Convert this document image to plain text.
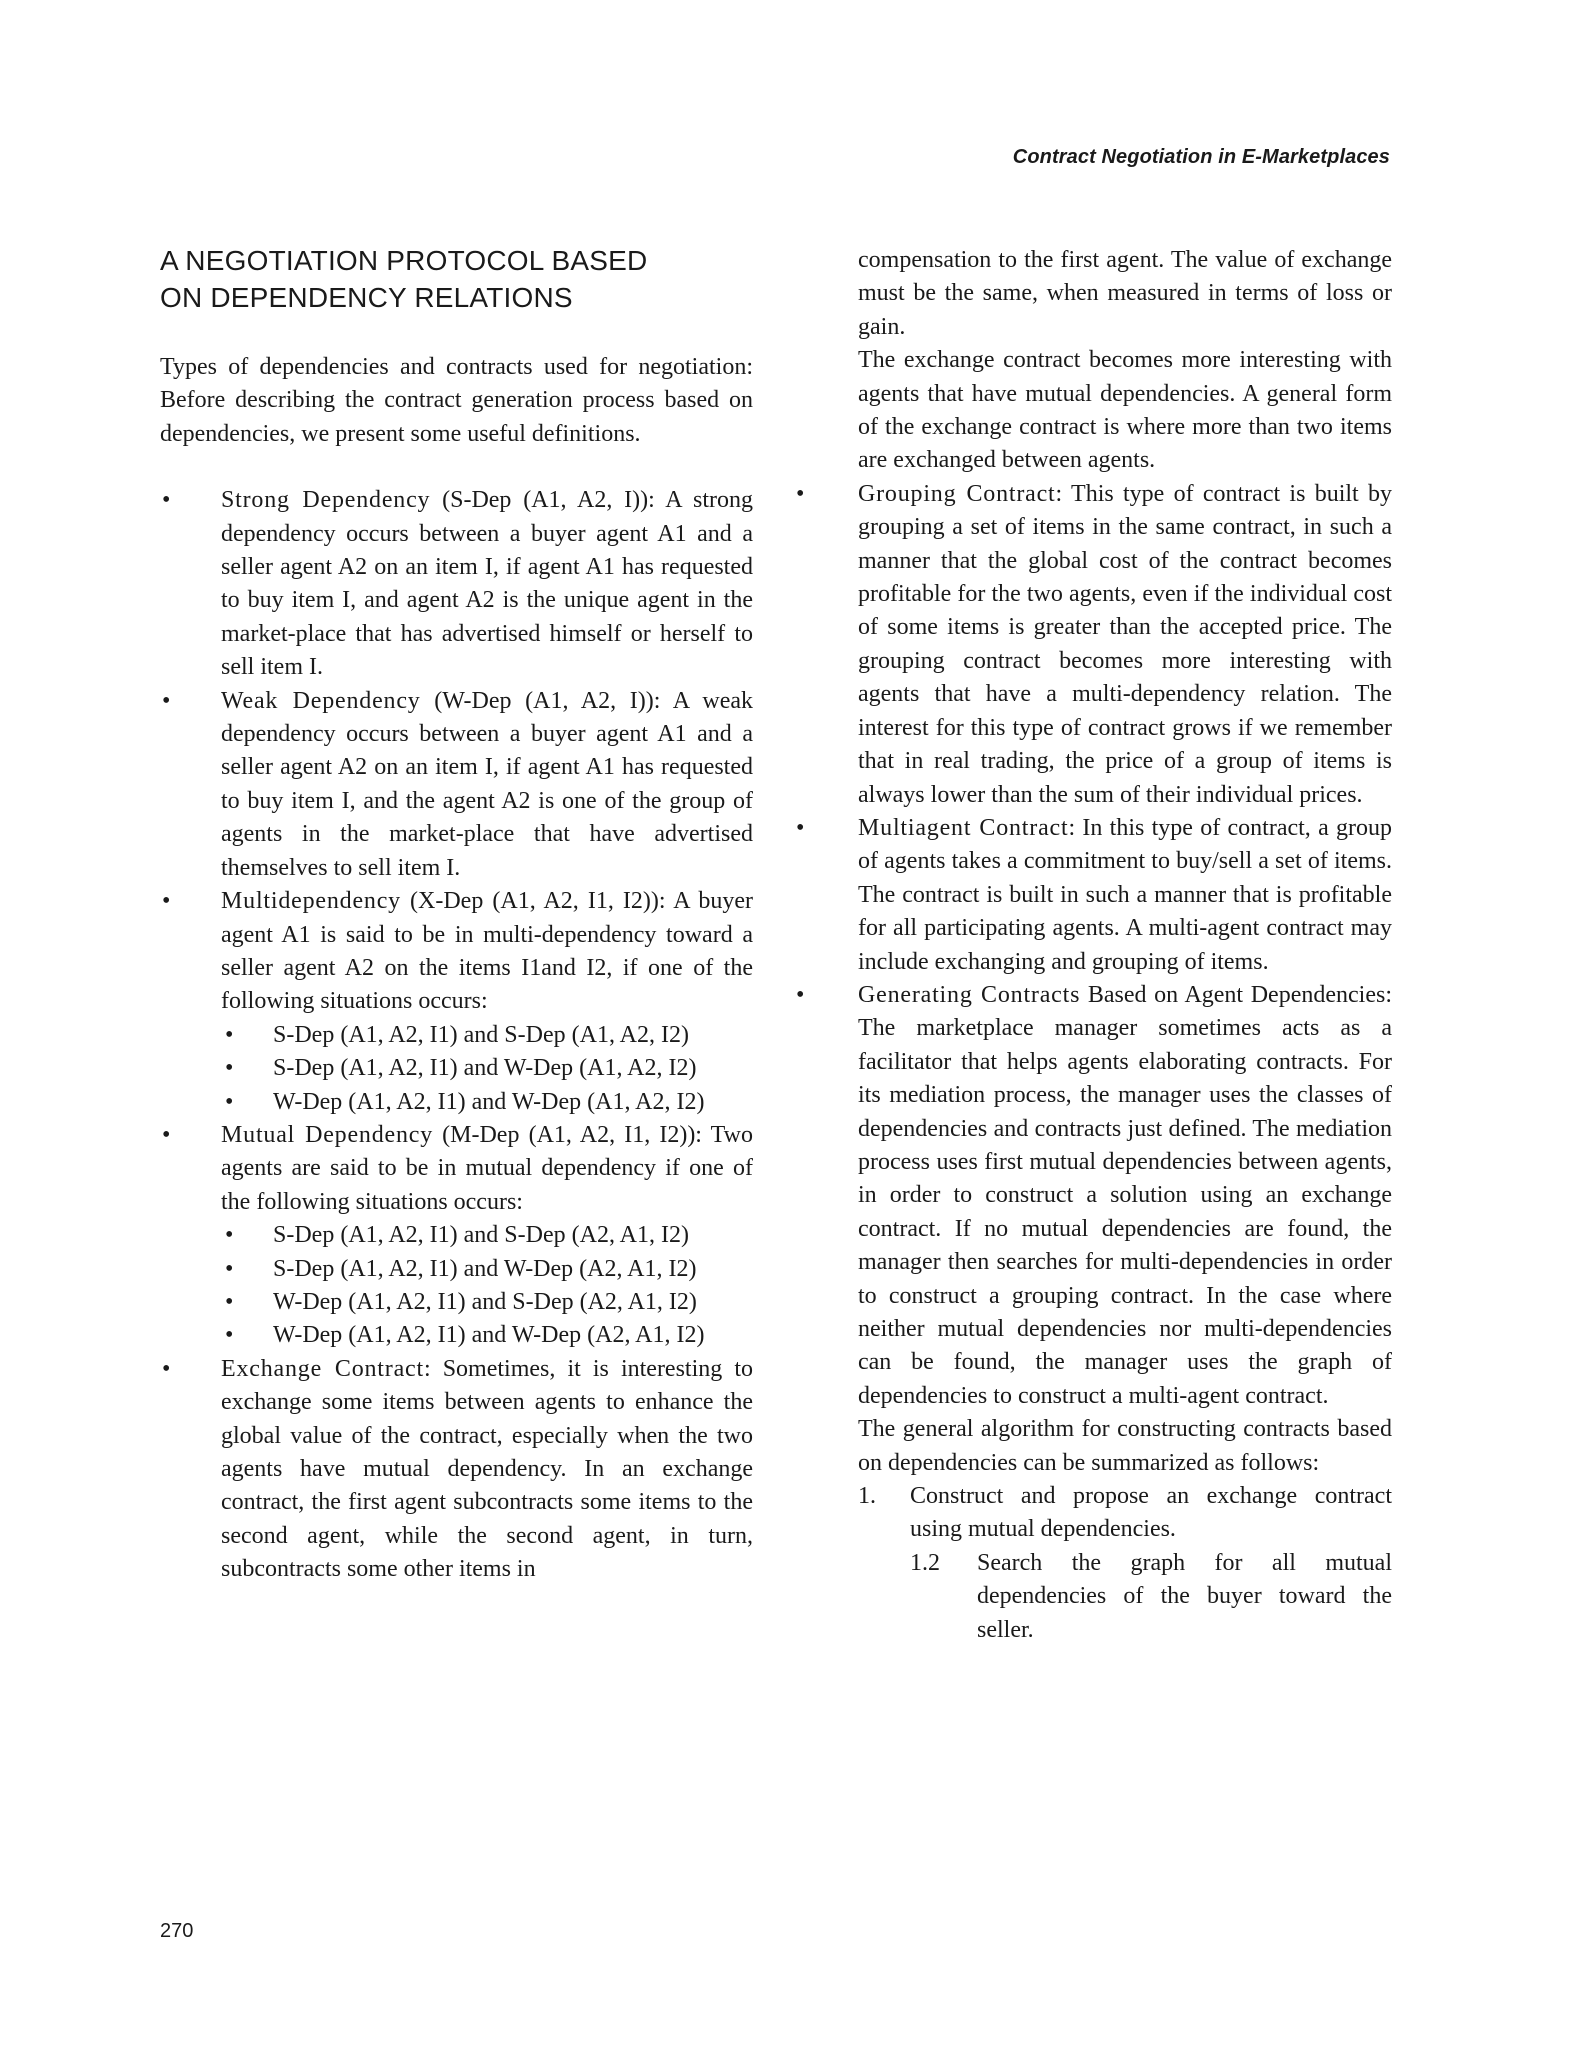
Contract Negotiation in E-Marketplaces
A NEGOTIATION PROTOCOL BASED
ON DEPENDENCY RELATIONS

Types of dependencies and contracts used for negotiation: Before describing the contract generation process based on dependencies, we present some useful definitions.

• Strong Dependency (S-Dep (A1, A2, I)): A strong dependency occurs between a buyer agent A1 and a seller agent A2 on an item I, if agent A1 has requested to buy item I, and agent A2 is the unique agent in the market-place that has advertised himself or herself to sell item I.
• Weak Dependency (W-Dep (A1, A2, I)): A weak dependency occurs between a buyer agent A1 and a seller agent A2 on an item I, if agent A1 has requested to buy item I, and the agent A2 is one of the group of agents in the market-place that have advertised themselves to sell item I.
• Multidependency (X-Dep (A1, A2, I1, I2)): A buyer agent A1 is said to be in multi-dependency toward a seller agent A2 on the items I1and I2, if one of the following situations occurs:
• S-Dep (A1, A2, I1) and S-Dep (A1, A2, I2)
• S-Dep (A1, A2, I1) and W-Dep (A1, A2, I2)
• W-Dep (A1, A2, I1) and W-Dep (A1, A2, I2)
• Mutual Dependency (M-Dep (A1, A2, I1, I2)): Two agents are said to be in mutual dependency if one of the following situations occurs:
• S-Dep (A1, A2, I1) and S-Dep (A2, A1, I2)
• S-Dep (A1, A2, I1) and W-Dep (A2, A1, I2)
• W-Dep (A1, A2, I1) and S-Dep (A2, A1, I2)
• W-Dep (A1, A2, I1) and W-Dep (A2, A1, I2)
• Exchange Contract: Sometimes, it is interesting to exchange some items between agents to enhance the global value of the contract, especially when the two agents have mutual dependency. In an exchange contract, the first agent subcontracts some items to the second agent, while the second agent, in turn, subcontracts some other items in

compensation to the first agent. The value of exchange must be the same, when measured in terms of loss or gain.

The exchange contract becomes more interesting with agents that have mutual dependencies. A general form of the exchange contract is where more than two items are exchanged between agents.

• Grouping Contract: This type of contract is built by grouping a set of items in the same contract, in such a manner that the global cost of the contract becomes profitable for the two agents, even if the individual cost of some items is greater than the accepted price. The grouping contract becomes more interesting with agents that have a multi-dependency relation. The interest for this type of contract grows if we remember that in real trading, the price of a group of items is always lower than the sum of their individual prices.
• Multiagent Contract: In this type of contract, a group of agents takes a commitment to buy/sell a set of items. The contract is built in such a manner that is profitable for all participating agents. A multi-agent contract may include exchanging and grouping of items.
• Generating Contracts Based on Agent Dependencies: The marketplace manager sometimes acts as a facilitator that helps agents elaborating contracts. For its mediation process, the manager uses the classes of dependencies and contracts just defined. The mediation process uses first mutual dependencies between agents, in order to construct a solution using an exchange contract. If no mutual dependencies are found, the manager then searches for multi-dependencies in order to construct a grouping contract. In the case where neither mutual dependencies nor multi-dependencies can be found, the manager uses the graph of dependencies to construct a multi-agent contract.

The general algorithm for constructing contracts based on dependencies can be summarized as follows:

1. Construct and propose an exchange contract using mutual dependencies.
1.2 Search the graph for all mutual dependencies of the buyer toward the seller.
270
